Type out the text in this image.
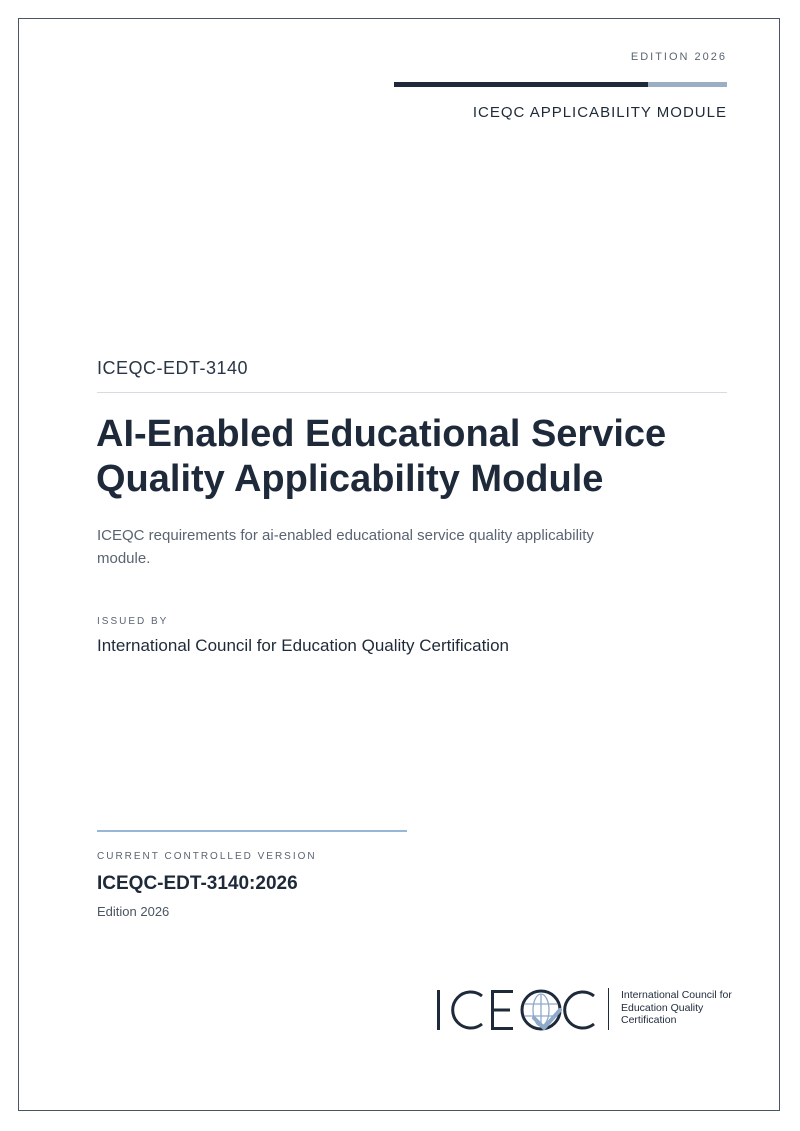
EDITION 2026
ICEQC APPLICABILITY MODULE
ICEQC-EDT-3140
AI-Enabled Educational Service Quality Applicability Module

ICEQC requirements for ai-enabled educational service quality applicability module.

ISSUED BY
International Council for Education Quality Certification
CURRENT CONTROLLED VERSION
ICEQC-EDT-3140:2026
Edition 2026
International Council for
Education Quality
Certification
